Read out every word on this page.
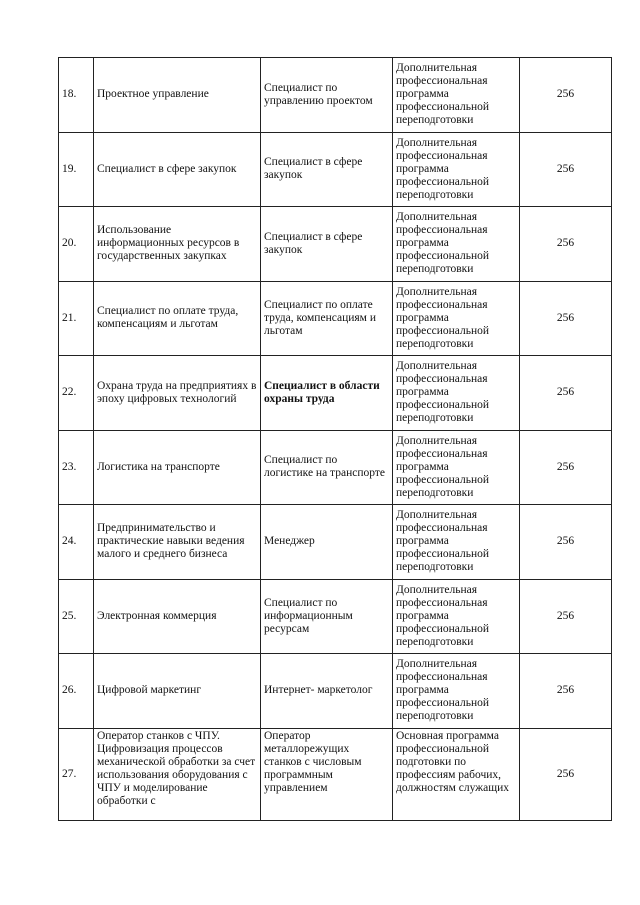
18.	Проектное управление	Специалист по управлению проектом	Дополнительная профессиональная программа профессиональной переподготовки	256
19.	Специалист в сфере закупок	Специалист в сфере закупок	Дополнительная профессиональная программа профессиональной переподготовки	256
20.	Использование информационных ресурсов в государственных закупках	Специалист в сфере закупок	Дополнительная профессиональная программа профессиональной переподготовки	256
21.	Специалист по оплате труда, компенсациям и льготам	Специалист по оплате труда, компенсациям и льготам	Дополнительная профессиональная программа профессиональной переподготовки	256
22.	Охрана труда на предприятиях в эпоху цифровых технологий	Специалист в области охраны труда	Дополнительная профессиональная программа профессиональной переподготовки	256
23.	Логистика на транспорте	Специалист по логистике на транспорте	Дополнительная профессиональная программа профессиональной переподготовки	256
24.	Предпринимательство и практические навыки ведения малого и среднего бизнеса	Менеджер	Дополнительная профессиональная программа профессиональной переподготовки	256
25.	Электронная коммерция	Специалист по информационным ресурсам	Дополнительная профессиональная программа профессиональной переподготовки	256
26.	Цифровой маркетинг	Интернет- маркетолог	Дополнительная профессиональная программа профессиональной переподготовки	256
27.	Оператор станков с ЧПУ. Цифровизация процессов механической обработки за счет использования оборудования с ЧПУ и моделирование обработки с	Оператор металлорежущих станков с числовым программным управлением	Основная программа профессиональной подготовки по профессиям рабочих, должностям служащих	256
